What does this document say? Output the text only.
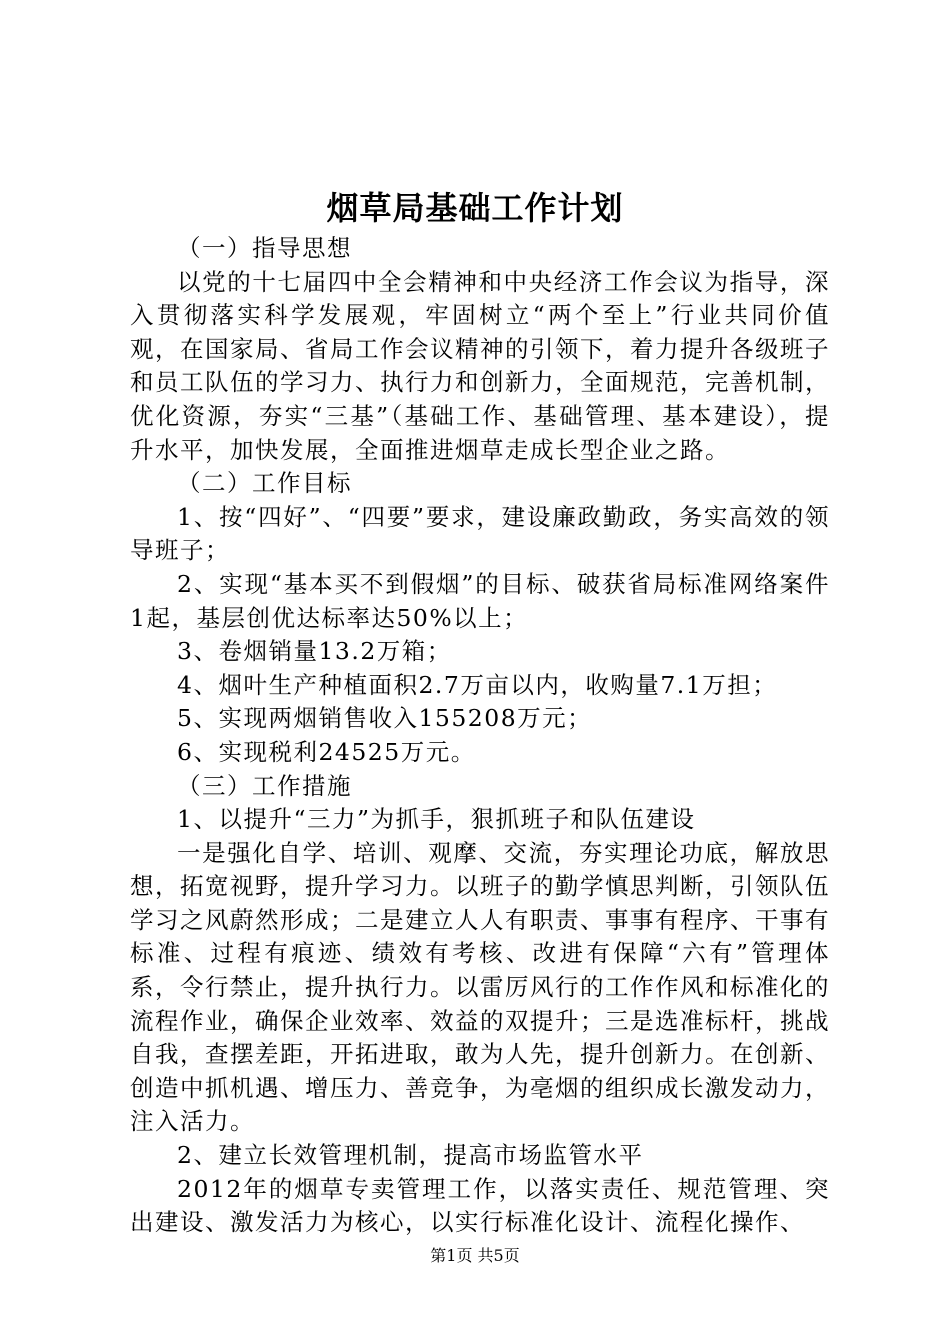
烟草局基础工作计划

（一）指导思想

以党的十七届四中全会精神和中央经济工作会议为指导，深入贯彻落实科学发展观，牢固树立“两个至上”行业共同价值观，在国家局、省局工作会议精神的引领下，着力提升各级班子和员工队伍的学习力、执行力和创新力，全面规范，完善机制，优化资源，夯实“三基”（基础工作、基础管理、基本建设），提升水平，加快发展，全面推进烟草走成长型企业之路。

（二）工作目标

1、按“四好”、“四要”要求，建设廉政勤政，务实高效的领导班子；

2、实现“基本买不到假烟”的目标、破获省局标准网络案件1起，基层创优达标率达50%以上；

3、卷烟销量13.2万箱；

4、烟叶生产种植面积2.7万亩以内，收购量7.1万担；

5、实现两烟销售收入155208万元；

6、实现税利24525万元。

（三）工作措施

1、以提升“三力”为抓手，狠抓班子和队伍建设

一是强化自学、培训、观摩、交流，夯实理论功底，解放思想，拓宽视野，提升学习力。以班子的勤学慎思判断，引领队伍学习之风蔚然形成；二是建立人人有职责、事事有程序、干事有标准、过程有痕迹、绩效有考核、改进有保障“六有”管理体系，令行禁止，提升执行力。以雷厉风行的工作作风和标准化的流程作业，确保企业效率、效益的双提升；三是选准标杆，挑战自我，查摆差距，开拓进取，敢为人先，提升创新力。在创新、创造中抓机遇、增压力、善竞争，为亳烟的组织成长激发动力，注入活力。

2、建立长效管理机制，提高市场监管水平

2012年的烟草专卖管理工作，以落实责任、规范管理、突出建设、激发活力为核心，以实行标准化设计、流程化操作、

第1页 共5页
